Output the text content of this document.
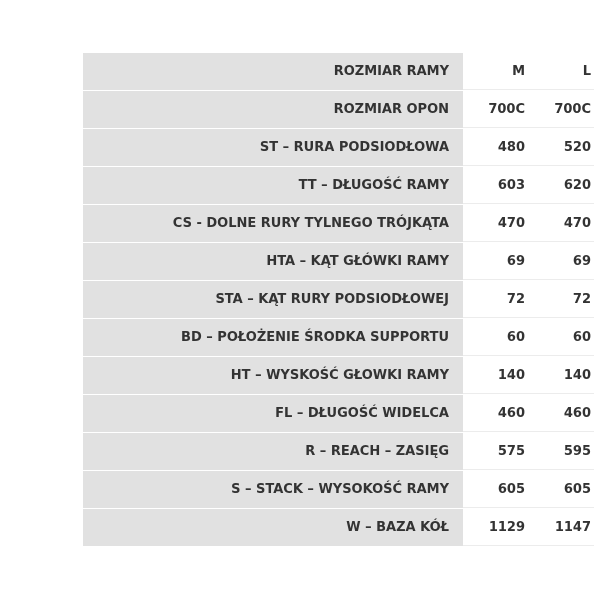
ROZMIAR RAMY	M	L
ROZMIAR OPON	700C	700C
ST – RURA PODSIODŁOWA	480	520
TT – DŁUGOŚĆ RAMY	603	620
CS - DOLNE RURY TYLNEGO TRÓJKĄTA	470	470
HTA – KĄT GŁÓWKI RAMY	69	69
STA – KĄT RURY PODSIODŁOWEJ	72	72
BD – POŁOŻENIE ŚRODKA SUPPORTU	60	60
HT – WYSKOŚĆ GŁOWKI RAMY	140	140
FL – DŁUGOŚĆ WIDELCA	460	460
R – REACH – ZASIĘG	575	595
S – STACK – WYSOKOŚĆ RAMY	605	605
W – BAZA KÓŁ	1129	1147
